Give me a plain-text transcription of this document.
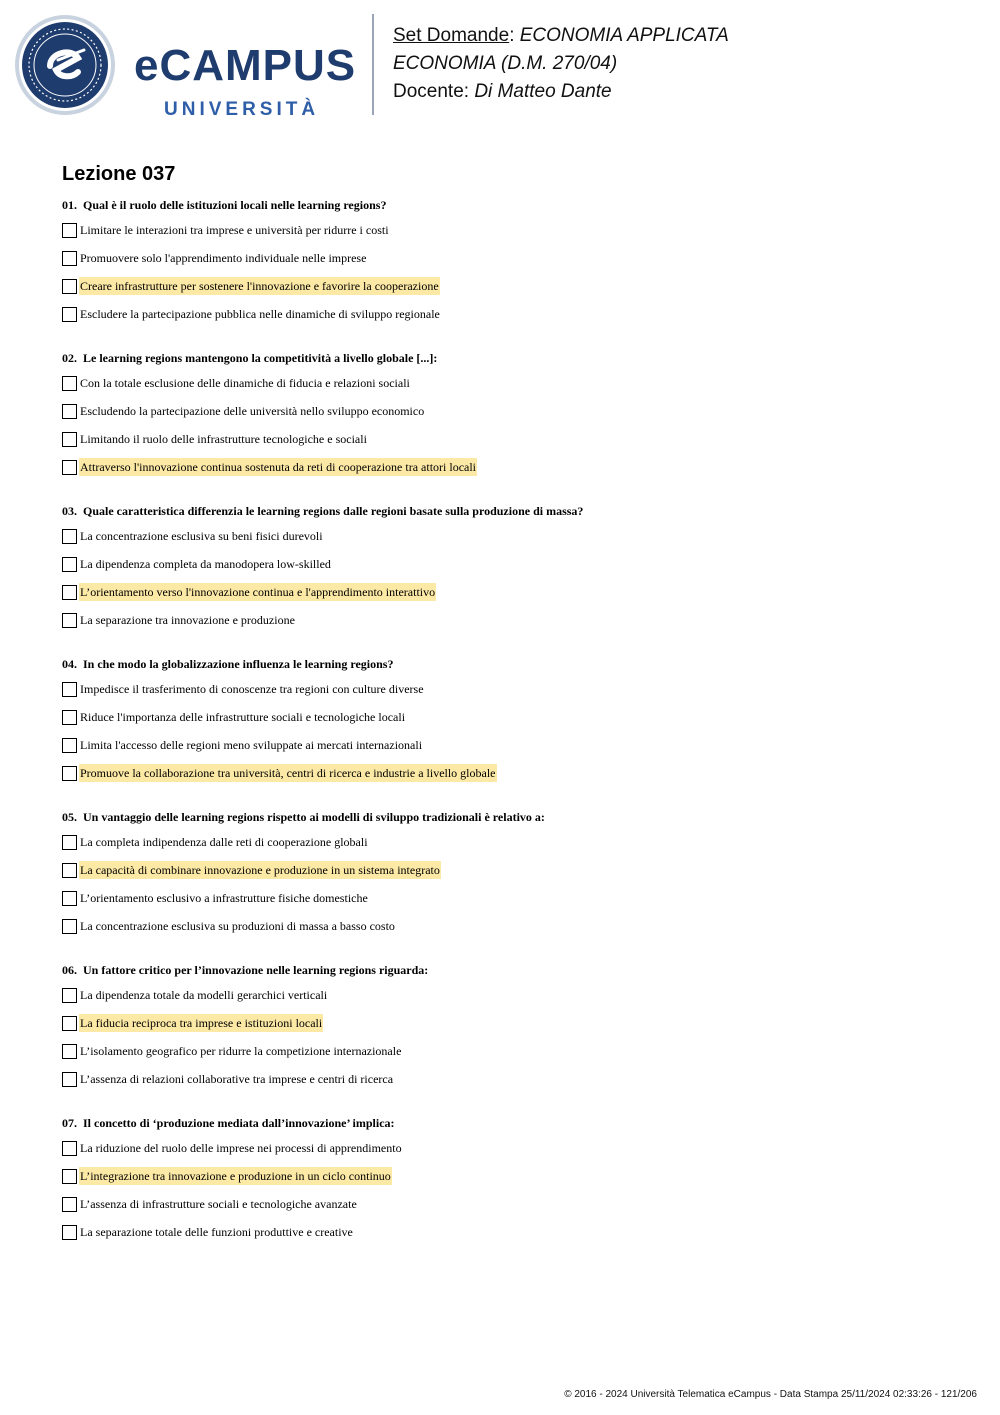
eCAMPUS
UNIVERSITÀ
Set Domande: ECONOMIA APPLICATA
ECONOMIA (D.M. 270/04)
Docente: Di Matteo Dante
Lezione 037
01. Qual è il ruolo delle istituzioni locali nelle learning regions?
Limitare le interazioni tra imprese e università per ridurre i costi
Promuovere solo l'apprendimento individuale nelle imprese
Creare infrastrutture per sostenere l'innovazione e favorire la cooperazione
Escludere la partecipazione pubblica nelle dinamiche di sviluppo regionale
02. Le learning regions mantengono la competitività a livello globale [...]:
Con la totale esclusione delle dinamiche di fiducia e relazioni sociali
Escludendo la partecipazione delle università nello sviluppo economico
Limitando il ruolo delle infrastrutture tecnologiche e sociali
Attraverso l'innovazione continua sostenuta da reti di cooperazione tra attori locali
03. Quale caratteristica differenzia le learning regions dalle regioni basate sulla produzione di massa?
La concentrazione esclusiva su beni fisici durevoli
La dipendenza completa da manodopera low-skilled
L’orientamento verso l'innovazione continua e l'apprendimento interattivo
La separazione tra innovazione e produzione
04. In che modo la globalizzazione influenza le learning regions?
Impedisce il trasferimento di conoscenze tra regioni con culture diverse
Riduce l'importanza delle infrastrutture sociali e tecnologiche locali
Limita l'accesso delle regioni meno sviluppate ai mercati internazionali
Promuove la collaborazione tra università, centri di ricerca e industrie a livello globale
05. Un vantaggio delle learning regions rispetto ai modelli di sviluppo tradizionali è relativo a:
La completa indipendenza dalle reti di cooperazione globali
La capacità di combinare innovazione e produzione in un sistema integrato
L’orientamento esclusivo a infrastrutture fisiche domestiche
La concentrazione esclusiva su produzioni di massa a basso costo
06. Un fattore critico per l’innovazione nelle learning regions riguarda:
La dipendenza totale da modelli gerarchici verticali
La fiducia reciproca tra imprese e istituzioni locali
L’isolamento geografico per ridurre la competizione internazionale
L’assenza di relazioni collaborative tra imprese e centri di ricerca
07. Il concetto di ‘produzione mediata dall’innovazione’ implica:
La riduzione del ruolo delle imprese nei processi di apprendimento
L’integrazione tra innovazione e produzione in un ciclo continuo
L’assenza di infrastrutture sociali e tecnologiche avanzate
La separazione totale delle funzioni produttive e creative
© 2016 - 2024 Università Telematica eCampus - Data Stampa 25/11/2024 02:33:26 - 121/206
